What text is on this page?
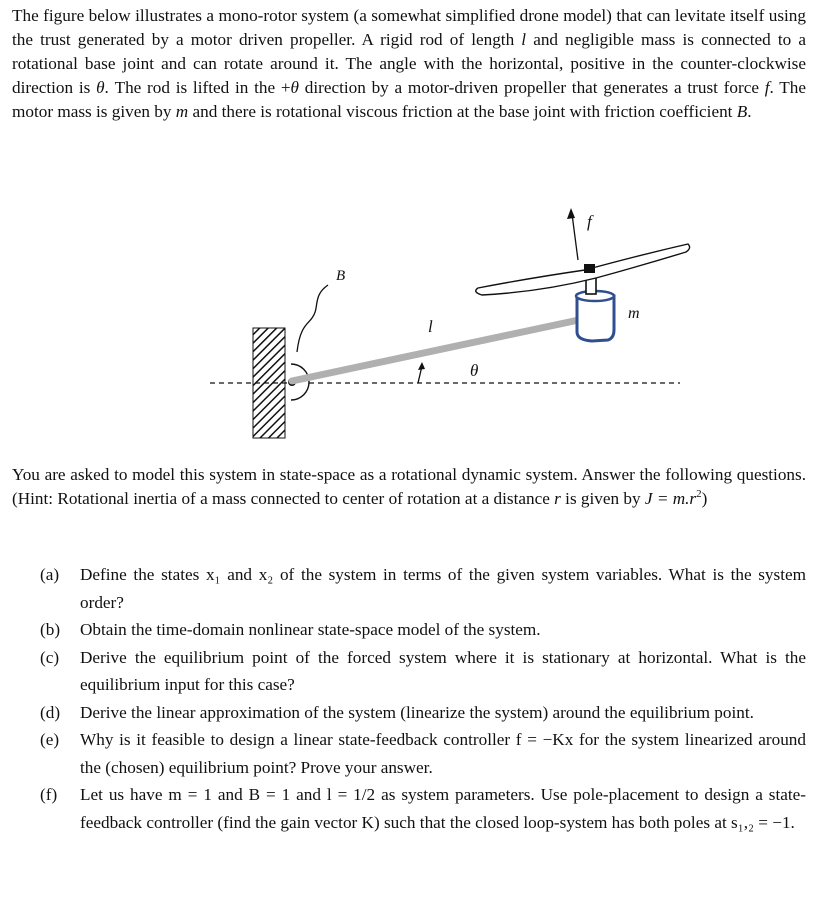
The figure below illustrates a mono-rotor system (a somewhat simplified drone model) that can levitate itself using the trust generated by a motor driven propeller. A rigid rod of length l and negligible mass is connected to a rotational base joint and can rotate around it. The angle with the horizontal, positive in the counter-clockwise direction is θ. The rod is lifted in the +θ direction by a motor-driven propeller that generates a trust force f. The motor mass is given by m and there is rotational viscous friction at the base joint with friction coefficient B.

B
l
θ
f
m

You are asked to model this system in state-space as a rotational dynamic system. Answer the following questions. (Hint: Rotational inertia of a mass connected to center of rotation at a distance r is given by $J = m.r^2$)

(a) Define the states x₁ and x₂ of the system in terms of the given system variables. What is the system order?
(b) Obtain the time-domain nonlinear state-space model of the system.
(c) Derive the equilibrium point of the forced system where it is stationary at horizontal. What is the equilibrium input for this case?
(d) Derive the linear approximation of the system (linearize the system) around the equilibrium point.
(e) Why is it feasible to design a linear state-feedback controller f = −Kx for the system linearized around the (chosen) equilibrium point? Prove your answer.
(f) Let us have m = 1 and B = 1 and l = 1/2 as system parameters. Use pole-placement to design a state-feedback controller (find the gain vector K) such that the closed loop-system has both poles at s₁,₂ = −1.
